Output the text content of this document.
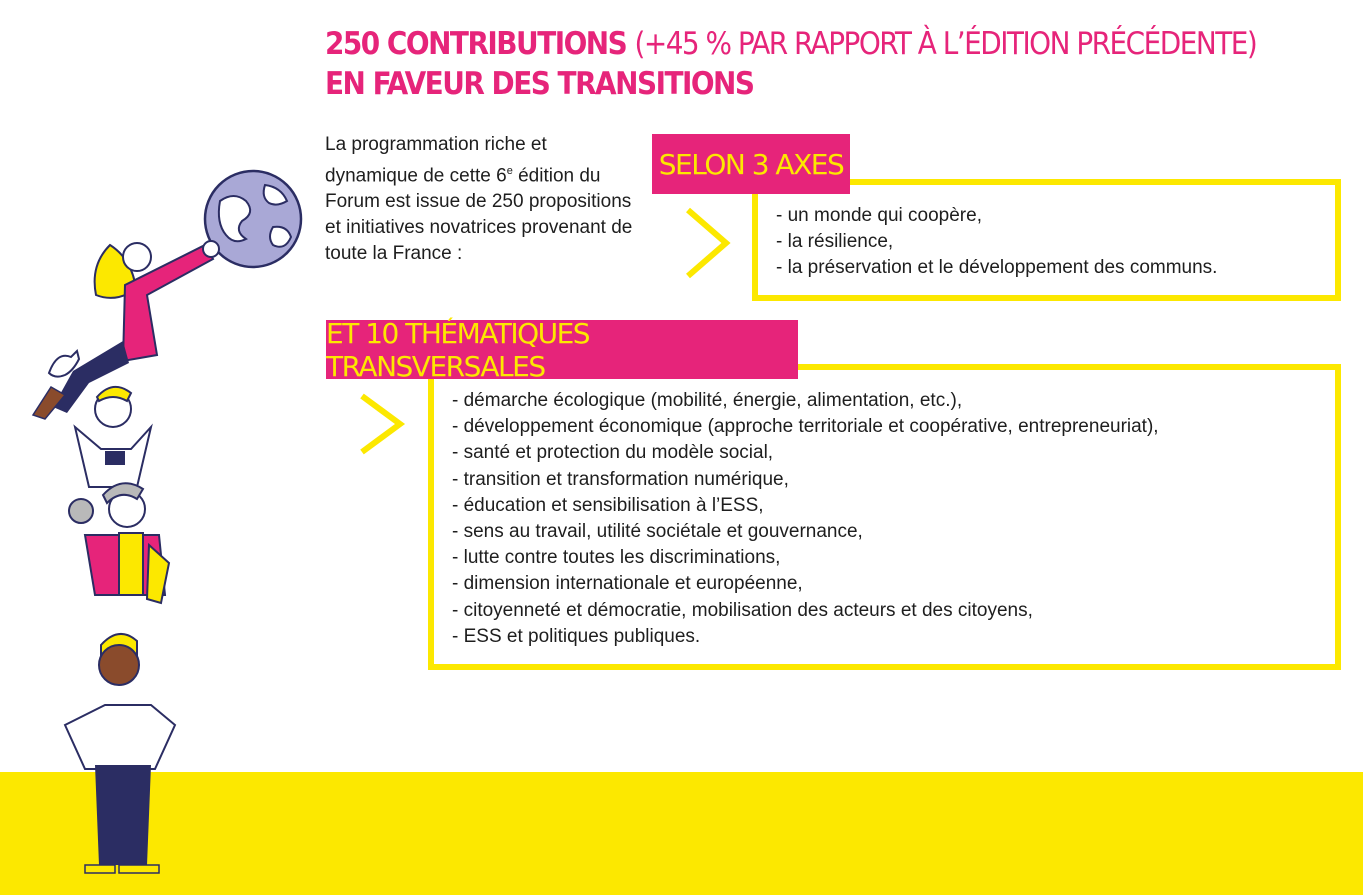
250 CONTRIBUTIONS (+45 % PAR RAPPORT À L’ÉDITION PRÉCÉDENTE)
EN FAVEUR DES TRANSITIONS

La programmation riche et dynamique de cette 6e édition du Forum est issue de 250 propositions et initiatives novatrices provenant de toute la France :

SELON 3 AXES
- un monde qui coopère,
- la résilience,
- la préservation et le développement des communs.
ET 10 THÉMATIQUES TRANSVERSALES
- démarche écologique (mobilité, énergie, alimentation, etc.),
- développement économique (approche territoriale et coopérative, entrepreneuriat),
- santé et protection du modèle social,
- transition et transformation numérique,
- éducation et sensibilisation à l’ESS,
- sens au travail, utilité sociétale et gouvernance,
- lutte contre toutes les discriminations,
- dimension internationale et européenne,
- citoyenneté et démocratie, mobilisation des acteurs et des citoyens,
- ESS et politiques publiques.
